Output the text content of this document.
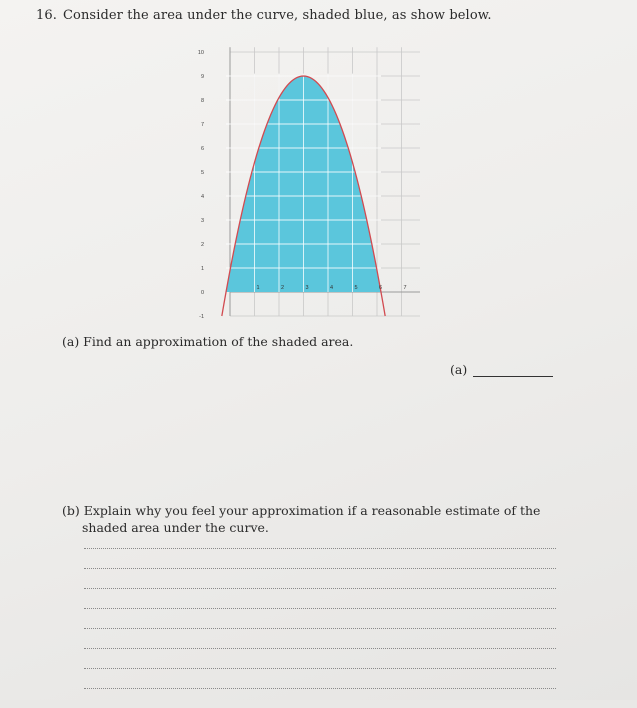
16. Consider the area under the curve, shaded blue, as show below.
10
9
8
7
6
5
4
3
2
1
0
-1
1	2	3	4	5	6	7
(a) Find an approximation of the shaded area.
(a)
(b) Explain why you feel your approximation if a reasonable estimate of the shaded area under the curve.
